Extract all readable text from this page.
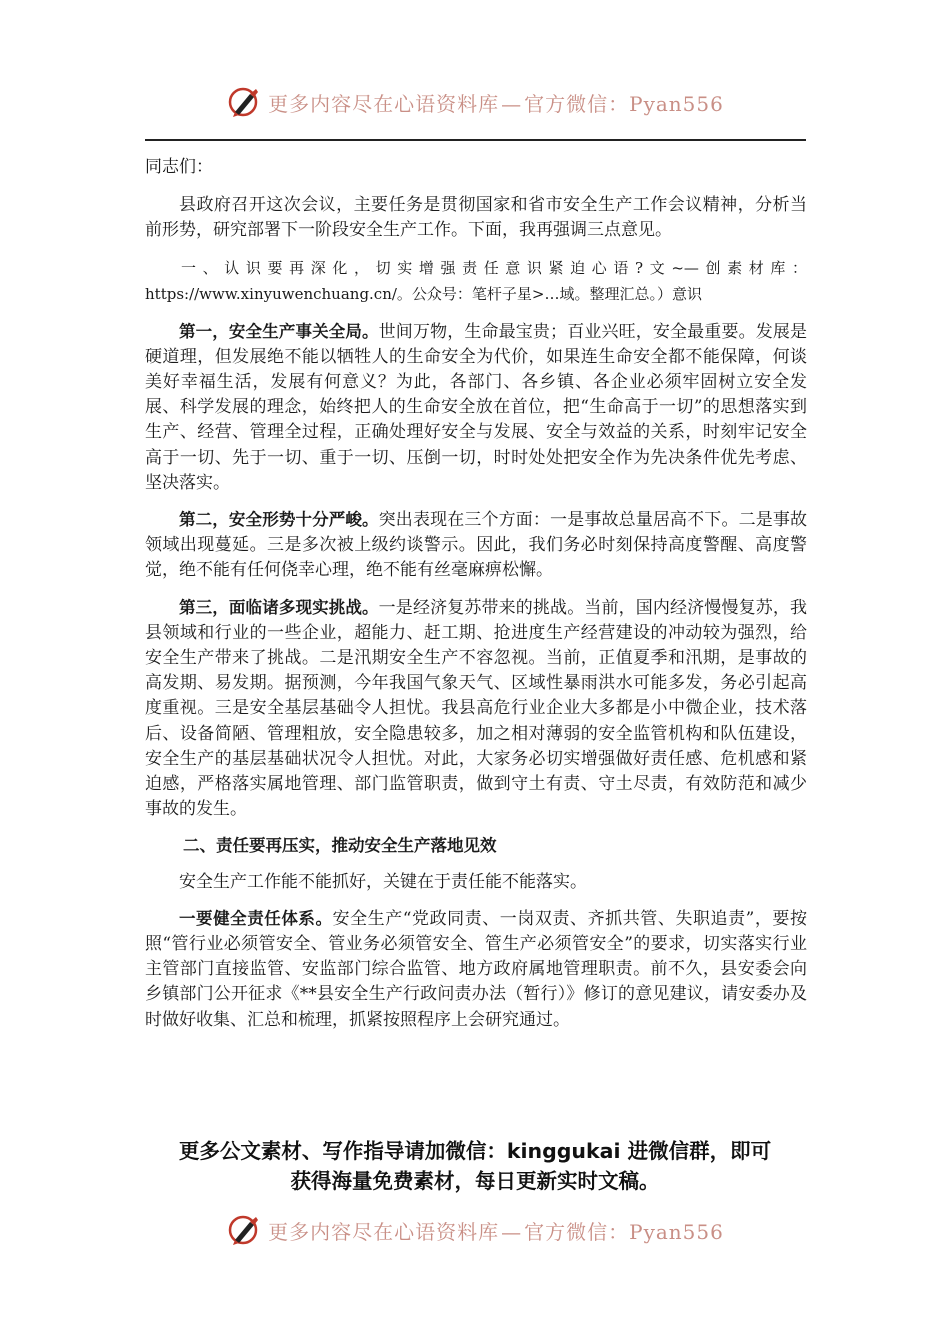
更多内容尽在心语资料库 — 官方微信：Pyan556

同志们：

县政府召开这次会议，主要任务是贯彻国家和省市安全生产工作会议精神，分析当前形势，研究部署下一阶段安全生产工作。下面，我再强调三点意见。

一、认识要再深化，切实增强责任意识紧迫心语?文~—创素材库：https://www.xinyuwenchuang.cn/。公众号：笔杆子星>…域。整理汇总。）意识

第一，安全生产事关全局。世间万物，生命最宝贵；百业兴旺，安全最重要。发展是硬道理，但发展绝不能以牺牲人的生命安全为代价，如果连生命安全都不能保障，何谈美好幸福生活，发展有何意义？为此，各部门、各乡镇、各企业必须牢固树立安全发展、科学发展的理念，始终把人的生命安全放在首位，把“生命高于一切”的思想落实到生产、经营、管理全过程，正确处理好安全与发展、安全与效益的关系，时刻牢记安全高于一切、先于一切、重于一切、压倒一切，时时处处把安全作为先决条件优先考虑、坚决落实。

第二，安全形势十分严峻。突出表现在三个方面：一是事故总量居高不下。二是事故领域出现蔓延。三是多次被上级约谈警示。因此，我们务必时刻保持高度警醒、高度警觉，绝不能有任何侥幸心理，绝不能有丝毫麻痹松懈。

第三，面临诸多现实挑战。一是经济复苏带来的挑战。当前，国内经济慢慢复苏，我县领域和行业的一些企业，超能力、赶工期、抢进度生产经营建设的冲动较为强烈，给安全生产带来了挑战。二是汛期安全生产不容忽视。当前，正值夏季和汛期，是事故的高发期、易发期。据预测，今年我国气象天气、区域性暴雨洪水可能多发，务必引起高度重视。三是安全基层基础令人担忧。我县高危行业企业大多都是小中微企业，技术落后、设备简陋、管理粗放，安全隐患较多，加之相对薄弱的安全监管机构和队伍建设，安全生产的基层基础状况令人担忧。对此，大家务必切实增强做好责任感、危机感和紧迫感，严格落实属地管理、部门监管职责，做到守土有责、守土尽责，有效防范和减少事故的发生。

二、责任要再压实，推动安全生产落地见效

安全生产工作能不能抓好，关键在于责任能不能落实。

一要健全责任体系。安全生产“党政同责、一岗双责、齐抓共管、失职追责”，要按照“管行业必须管安全、管业务必须管安全、管生产必须管安全”的要求，切实落实行业主管部门直接监管、安监部门综合监管、地方政府属地管理职责。前不久，县安委会向乡镇部门公开征求《**县安全生产行政问责办法（暂行）》修订的意见建议，请安委办及时做好收集、汇总和梳理，抓紧按照程序上会研究通过。

更多公文素材、写作指导请加微信：kinggukai 进微信群，即可
获得海量免费素材，每日更新实时文稿。
更多内容尽在心语资料库 — 官方微信：Pyan556
